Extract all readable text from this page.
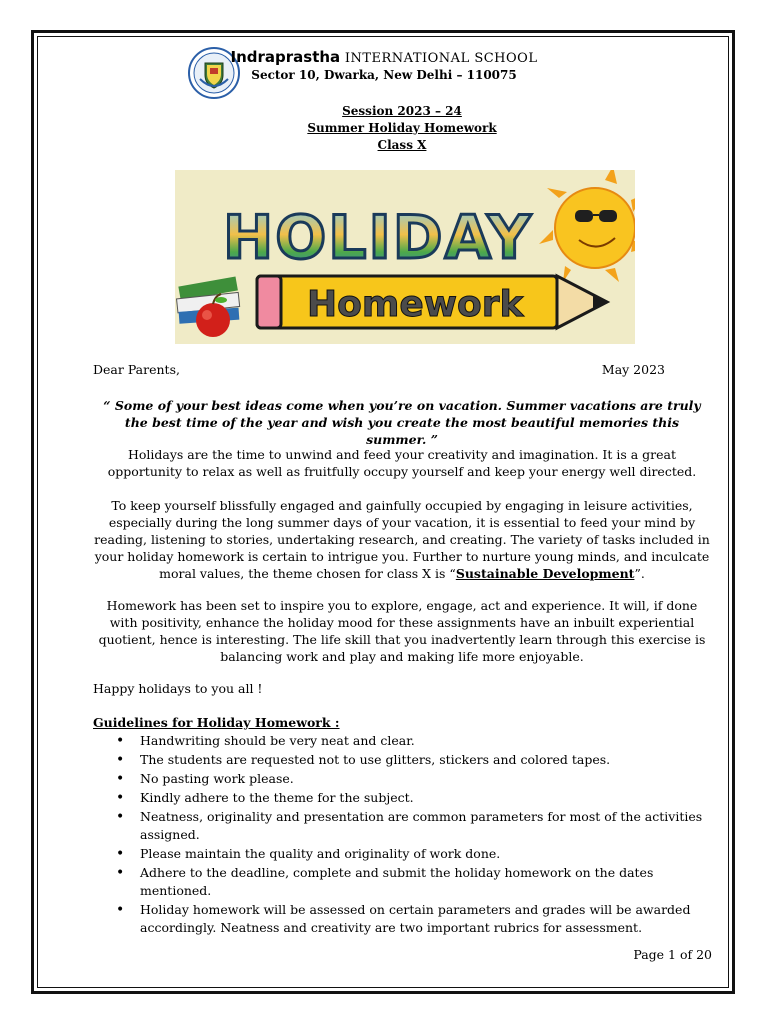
Indraprastha INTERNATIONAL SCHOOL
Sector 10, Dwarka, New Delhi – 110075
Session 2023 – 24
Summer Holiday Homework
Class X
HOLIDAY
Homework
Dear Parents,	May 2023
“ Some of your best ideas come when you’re on vacation. Summer vacations are truly the best time of the year and wish you create the most beautiful memories this summer. ”
Holidays are the time to unwind and feed your creativity and imagination. It is a great opportunity to relax as well as fruitfully occupy yourself and keep your energy well directed.
To keep yourself blissfully engaged and gainfully occupied by engaging in leisure activities, especially during the long summer days of your vacation, it is essential to feed your mind by reading, listening to stories, undertaking research, and creating. The variety of tasks included in your holiday homework is certain to intrigue you. Further to nurture young minds, and inculcate moral values, the theme chosen for class X is “Sustainable Development”.
Homework has been set to inspire you to explore, engage, act and experience. It will, if done with positivity, enhance the holiday mood for these assignments have an inbuilt experiential quotient, hence is interesting. The life skill that you inadvertently learn through this exercise is balancing work and play and making life more enjoyable.
Happy holidays to you all !
Guidelines for Holiday Homework :
• Handwriting should be very neat and clear.
• The students are requested not to use glitters, stickers and colored tapes.
• No pasting work please.
• Kindly adhere to the theme for the subject.
• Neatness, originality and presentation are common parameters for most of the activities assigned.
• Please maintain the quality and originality of work done.
• Adhere to the deadline, complete and submit the holiday homework on the dates mentioned.
• Holiday homework will be assessed on certain parameters and grades will be awarded accordingly. Neatness and creativity are two important rubrics for assessment.
Page 1 of 20
